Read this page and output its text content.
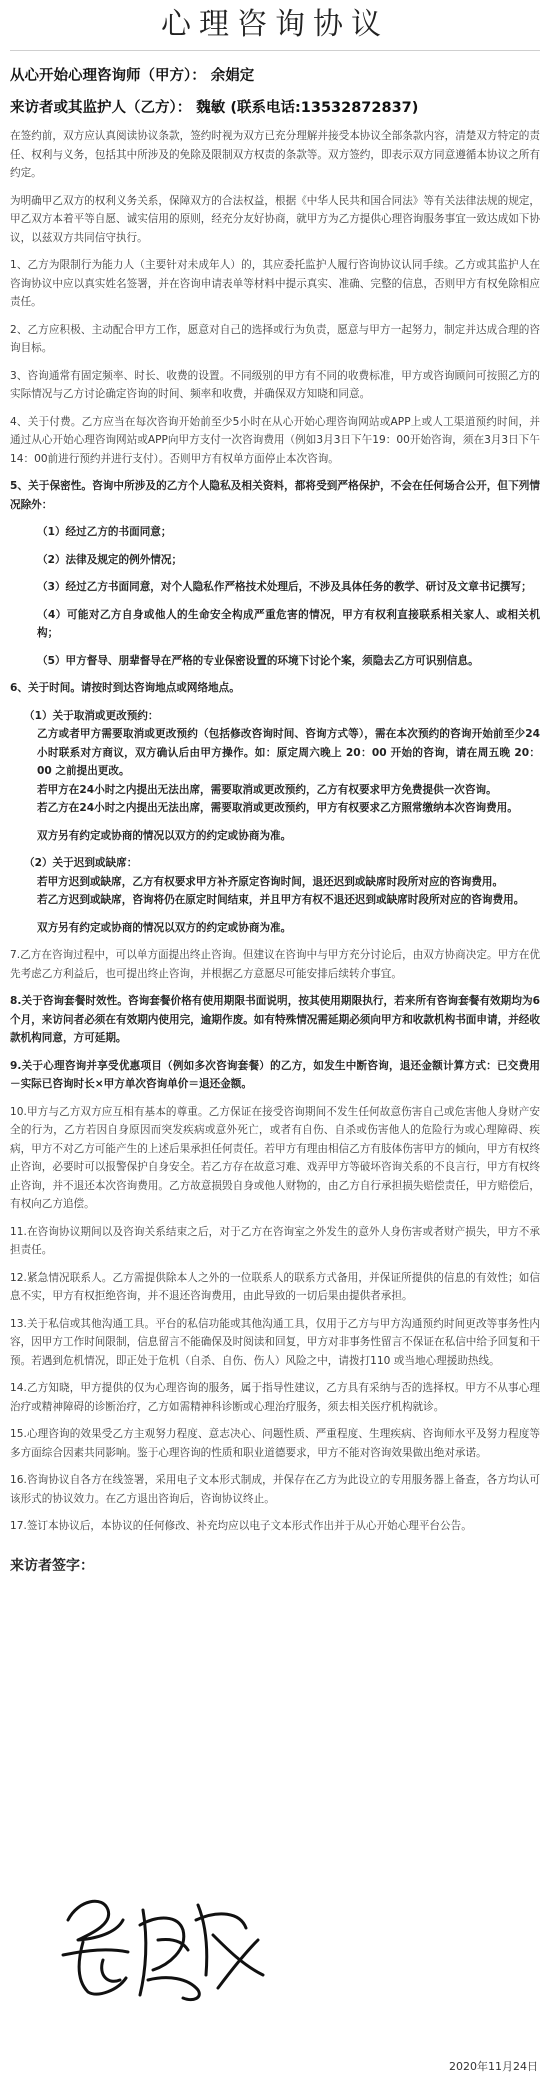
心理咨询协议
从心开始心理咨询师（甲方）： 余娟定
来访者或其监护人（乙方）： 魏敏 (联系电话:13532872837)

在签约前，双方应认真阅读协议条款，签约时视为双方已充分理解并接受本协议全部条款内容，清楚双方特定的责任、权利与义务，包括其中所涉及的免除及限制双方权责的条款等。双方签约，即表示双方同意遵循本协议之所有约定。

为明确甲乙双方的权利义务关系，保障双方的合法权益，根据《中华人民共和国合同法》等有关法律法规的规定，甲乙双方本着平等自愿、诚实信用的原则，经充分友好协商，就甲方为乙方提供心理咨询服务事宜一致达成如下协议，以兹双方共同信守执行。

1、乙方为限制行为能力人（主要针对未成年人）的，其应委托监护人履行咨询协议认同手续。乙方或其监护人在咨询协议中应以真实姓名签署，并在咨询申请表单等材料中提示真实、准确、完整的信息，否则甲方有权免除相应责任。

2、乙方应积极、主动配合甲方工作，愿意对自己的选择或行为负责，愿意与甲方一起努力，制定并达成合理的咨询目标。

3、咨询通常有固定频率、时长、收费的设置。不同级别的甲方有不同的收费标准，甲方或咨询顾问可按照乙方的实际情况与乙方讨论确定咨询的时间、频率和收费，并确保双方知晓和同意。

4、关于付费。乙方应当在每次咨询开始前至少5小时在从心开始心理咨询网站或APP上或人工渠道预约时间，并通过从心开始心理咨询网站或APP向甲方支付一次咨询费用（例如3月3日下午19：00开始咨询，须在3月3日下午14：00前进行预约并进行支付）。否则甲方有权单方面停止本次咨询。

5、关于保密性。咨询中所涉及的乙方个人隐私及相关资料，都将受到严格保护，不会在任何场合公开，但下列情况除外：

（1）经过乙方的书面同意；

（2）法律及规定的例外情况；

（3）经过乙方书面同意，对个人隐私作严格技术处理后，不涉及具体任务的教学、研讨及文章书记撰写；

（4）可能对乙方自身或他人的生命安全构成严重危害的情况，甲方有权利直接联系相关家人、或相关机构；

（5）甲方督导、朋辈督导在严格的专业保密设置的环境下讨论个案，须隐去乙方可识别信息。

6、关于时间。请按时到达咨询地点或网络地点。

（1）关于取消或更改预约：

乙方或者甲方需要取消或更改预约（包括修改咨询时间、咨询方式等），需在本次预约的咨询开始前至少24小时联系对方商议，双方确认后由甲方操作。如：原定周六晚上 20：00 开始的咨询，请在周五晚 20：00 之前提出更改。

若甲方在24小时之内提出无法出席，需要取消或更改预约，乙方有权要求甲方免费提供一次咨询。

若乙方在24小时之内提出无法出席，需要取消或更改预约，甲方有权要求乙方照常缴纳本次咨询费用。

双方另有约定或协商的情况以双方的约定或协商为准。

（2）关于迟到或缺席：

若甲方迟到或缺席，乙方有权要求甲方补齐原定咨询时间，退还迟到或缺席时段所对应的咨询费用。

若乙方迟到或缺席，咨询将仍在原定时间结束，并且甲方有权不退还迟到或缺席时段所对应的咨询费用。

双方另有约定或协商的情况以双方的约定或协商为准。

7.乙方在咨询过程中，可以单方面提出终止咨询。但建议在咨询中与甲方充分讨论后，由双方协商决定。甲方在优先考虑乙方利益后，也可提出终止咨询，并根据乙方意愿尽可能安排后续转介事宜。

8.关于咨询套餐时效性。咨询套餐价格有使用期限书面说明，按其使用期限执行，若来所有咨询套餐有效期均为6个月，来访问者必须在有效期内使用完，逾期作废。如有特殊情况需延期必须向甲方和收款机构书面申请，并经收款机构同意，方可延期。

9.关于心理咨询并享受优惠项目（例如多次咨询套餐）的乙方，如发生中断咨询，退还金额计算方式：已交费用－实际已咨询时长×甲方单次咨询单价＝退还金额。

10.甲方与乙方双方应互相有基本的尊重。乙方保证在接受咨询期间不发生任何故意伤害自己或危害他人身财产安全的行为，乙方若因自身原因而突发疾病或意外死亡，或者有自伤、自杀或伤害他人的危险行为或心理障碍、疾病，甲方不对乙方可能产生的上述后果承担任何责任。若甲方有理由相信乙方有肢体伤害甲方的倾向，甲方有权终止咨询，必要时可以报警保护自身安全。若乙方存在故意习难、戏弄甲方等破坏咨询关系的不良言行，甲方有权终止咨询，并不退还本次咨询费用。乙方故意损毁自身或他人财物的，由乙方自行承担损失赔偿责任，甲方赔偿后，有权向乙方追偿。

11.在咨询协议期间以及咨询关系结束之后，对于乙方在咨询室之外发生的意外人身伤害或者财产损失，甲方不承担责任。

12.紧急情况联系人。乙方需提供除本人之外的一位联系人的联系方式备用，并保证所提供的信息的有效性；如信息不实，甲方有权拒绝咨询，并不退还咨询费用，由此导致的一切后果由提供者承担。

13.关于私信或其他沟通工具。平台的私信功能或其他沟通工具，仅用于乙方与甲方沟通预约时间更改等事务性内容，因甲方工作时间限制，信息留言不能确保及时阅读和回复，甲方对非事务性留言不保证在私信中给予回复和干预。若遇到危机情况，即正处于危机（自杀、自伤、伤人）风险之中，请拨打110 或当地心理援助热线。

14.乙方知晓，甲方提供的仅为心理咨询的服务，属于指导性建议，乙方具有采纳与否的选择权。甲方不从事心理治疗或精神障碍的诊断治疗，乙方如需精神科诊断或心理治疗服务，须去相关医疗机构就诊。

15.心理咨询的效果受乙方主观努力程度、意志决心、问题性质、严重程度、生理疾病、咨询师水平及努力程度等多方面综合因素共同影响。鉴于心理咨询的性质和职业道德要求，甲方不能对咨询效果做出绝对承诺。

16.咨询协议自各方在线签署，采用电子文本形式制成，并保存在乙方为此设立的专用服务器上备查，各方均认可该形式的协议效力。在乙方退出咨询后，咨询协议终止。

17.签订本协议后，本协议的任何修改、补充均应以电子文本形式作出并于从心开始心理平台公告。

来访者签字：
2020年11月24日
